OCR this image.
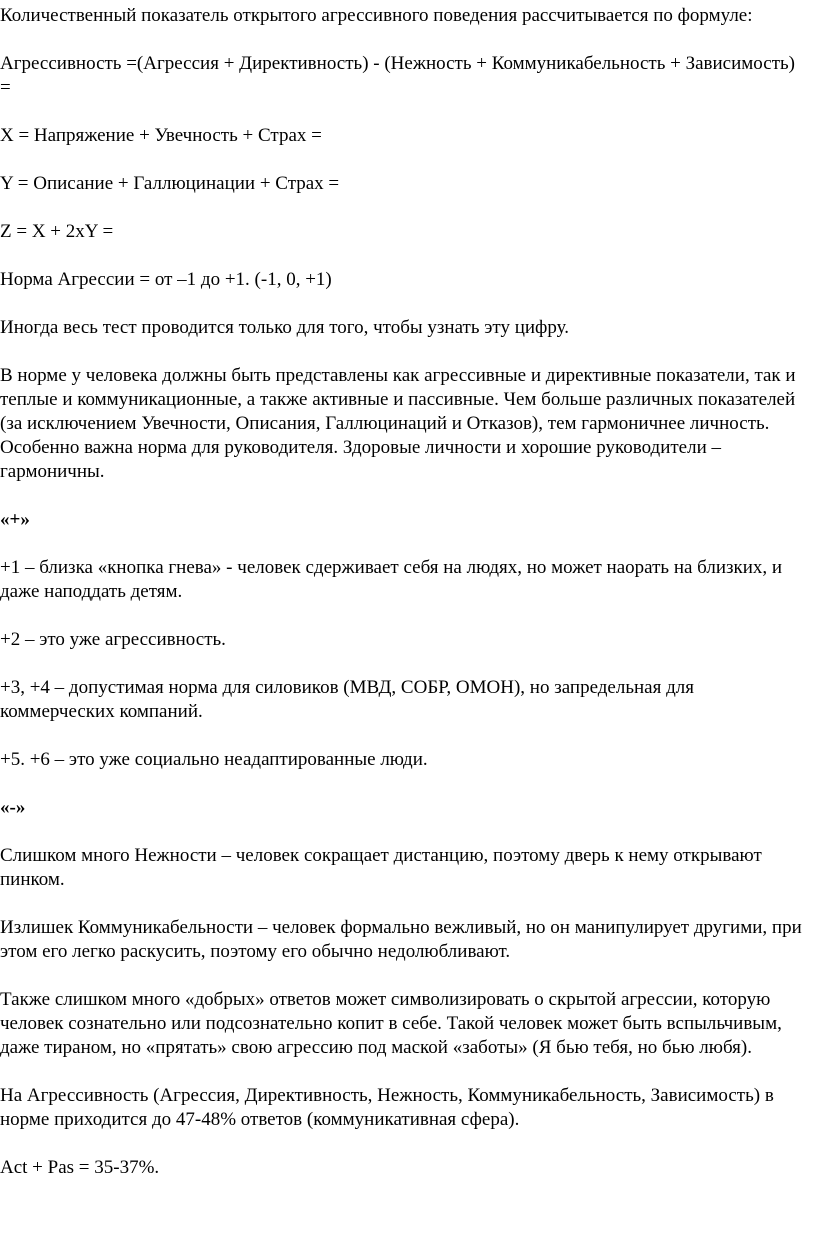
Количественный показатель открытого агрессивного поведения рассчитывается по формуле:

Агрессивность =(Агрессия + Директивность) - (Нежность + Коммуникабельность + Зависимость) =

X = Напряжение + Увечность + Страх =

Y = Описание + Галлюцинации + Страх =

Z = X + 2xY =

Норма Агрессии = от –1 до +1. (-1, 0, +1)

Иногда весь тест проводится только для того, чтобы узнать эту цифру.

В норме у человека должны быть представлены как агрессивные и директивные показатели, так и теплые и коммуникационные, а также активные и пассивные. Чем больше различных показателей (за исключением Увечности, Описания, Галлюцинаций и Отказов), тем гармоничнее личность. Особенно важна норма для руководителя. Здоровые личности и хорошие руководители – гармоничны.

«+»

+1 – близка «кнопка гнева» - человек сдерживает себя на людях, но может наорать на близких, и даже наподдать детям.

+2 – это уже агрессивность.

+3, +4 – допустимая норма для силовиков (МВД, СОБР, ОМОН), но запредельная для коммерческих компаний.

+5. +6 – это уже социально неадаптированные люди.

«-»

Слишком много Нежности – человек сокращает дистанцию, поэтому дверь к нему открывают пинком.

Излишек Коммуникабельности – человек формально вежливый, но он манипулирует другими, при этом его легко раскусить, поэтому его обычно недолюбливают.

Также слишком много «добрых» ответов может символизировать о скрытой агрессии, которую человек сознательно или подсознательно копит в себе. Такой человек может быть вспыльчивым, даже тираном, но «прятать» свою агрессию под маской «заботы» (Я бью тебя, но бью любя).

На Агрессивность (Агрессия, Директивность, Нежность, Коммуникабельность, Зависимость) в норме приходится до 47-48% ответов (коммуникативная сфера).

Act + Pas = 35-37%.
